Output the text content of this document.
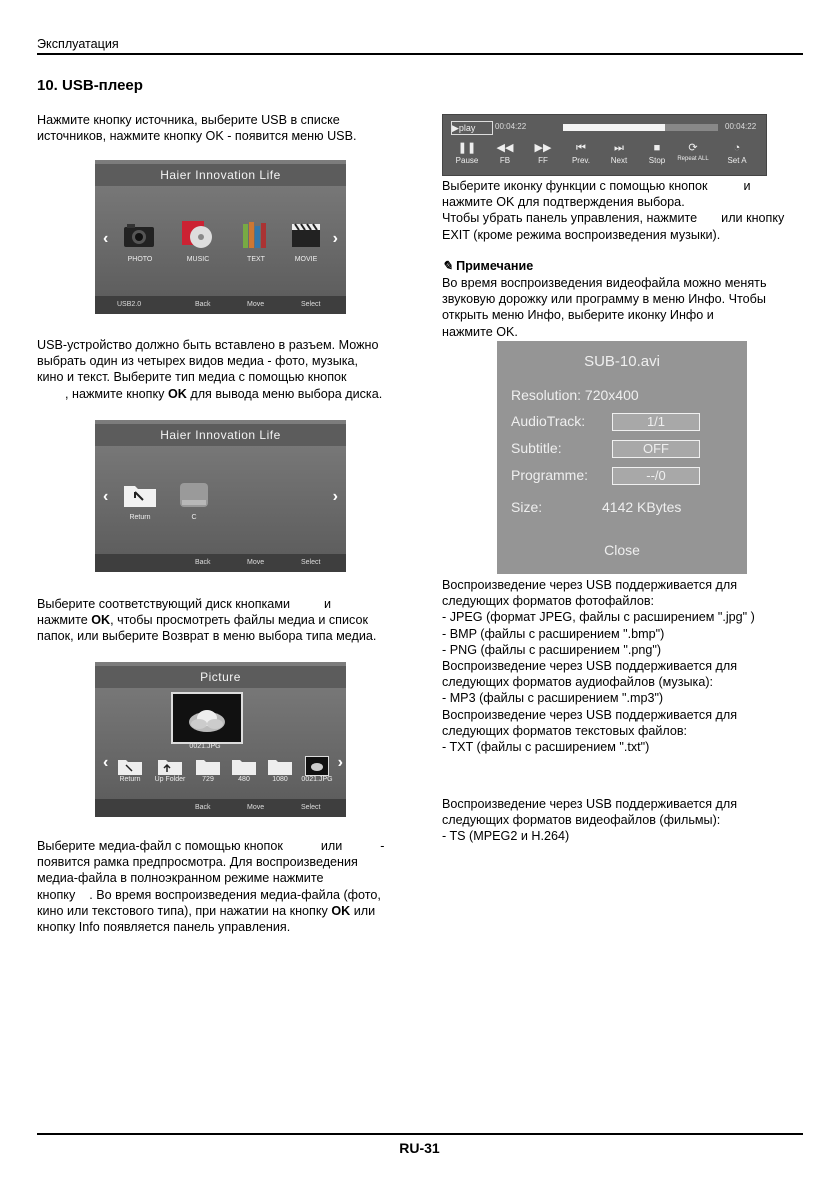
Эксплуатация
10. USB-плеер

Нажмите кнопку источника, выберите USB в списке

источников, нажмите кнопку OK - появится меню USB.

Haier Innovation Life
‹	›
PHOTO	MUSIC	TEXT	MOVIE
USB2.0	Back	Move	Select

USB-устройство должно быть вставлено в разъем. Можно

выбрать один из четырех видов медиа - фото, музыка,

кино и текст. Выберите тип медиа с помощью кнопок

, нажмите кнопку OK для вывода меню выбора диска.

Haier Innovation Life
‹	›
Return	C
Back	Move	Select

Выберите соответствующий диск кнопками	и

нажмите OK, чтобы просмотреть файлы медиа и список

папок, или выберите Возврат в меню выбора типа медиа.

Picture
0021.JPG
‹	›
Return	Up Folder	729	480	1080	0021.JPG
Back	Move	Select

Выберите медиа-файл с помощью кнопок	или	-

появится рамка предпросмотра. Для воспроизведения

медиа-файла в полноэкранном режиме нажмите

кнопку . Во время воспроизведения медиа-файла (фото,

кино или текстового типа), при нажатии на кнопку OK или

кнопку Info появляется панель управления.

▶play	00:04:22	00:04:22
❚❚
Pause
◀◀
FB
▶▶
FF
⏮
Prev.
⏭
Next
■
Stop
⟳
Repeat ALL
◔
Set A

Выберите иконку функции с помощью кнопок	и

нажмите OK для подтверждения выбора.

Чтобы убрать панель управления, нажмите или кнопку

EXIT (кроме режима воспроизведения музыки).

✎ Примечание

Во время воспроизведения видеофайла можно менять

звуковую дорожку или программу в меню Инфо. Чтобы

открыть меню Инфо, выберите иконку Инфо и

нажмите OK.

SUB-10.avi
Resolution: 720x400
AudioTrack:	1/1
Subtitle:	OFF
Programme:	--/0
Size:	4142 KBytes
Close

Воспроизведение через USB поддерживается для

следующих форматов фотофайлов:

- JPEG (формат JPEG, файлы с расширением ".jpg" )

- BMP (файлы с расширением ".bmp")

- PNG (файлы с расширением ".png")

Воспроизведение через USB поддерживается для

следующих форматов аудиофайлов (музыка):

- MP3 (файлы с расширением ".mp3")

Воспроизведение через USB поддерживается для

следующих форматов текстовых файлов:

- TXT (файлы с расширением ".txt")

Воспроизведение через USB поддерживается для

следующих форматов видеофайлов (фильмы):

- TS (MPEG2 и H.264)

RU-31
